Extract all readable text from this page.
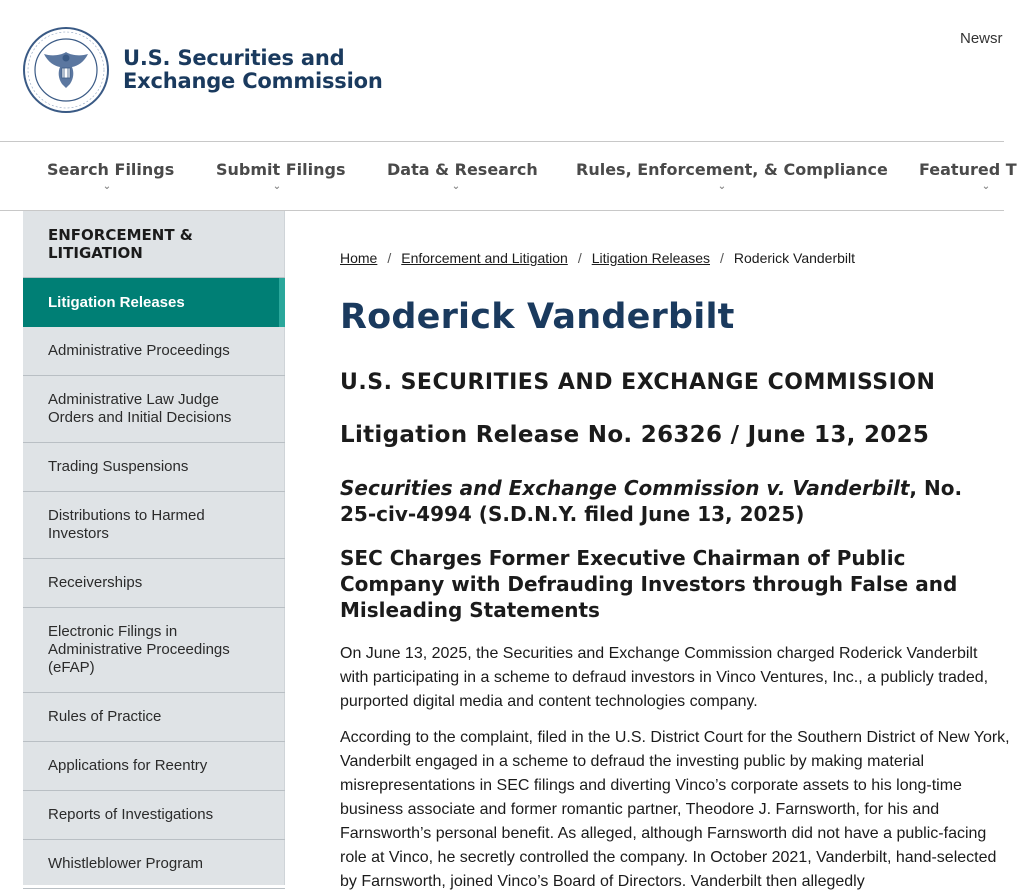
U.S. Securities and
Exchange Commission
Newsr
Search Filings
⌄
Submit Filings
⌄
Data & Research
⌄
Rules, Enforcement, & Compliance
⌄
Featured T
⌄
ENFORCEMENT & LITIGATION
Litigation Releases
Administrative Proceedings
Administrative Law Judge Orders and Initial Decisions
Trading Suspensions
Distributions to Harmed Investors
Receiverships
Electronic Filings in Administrative Proceedings (eFAP)
Rules of Practice
Applications for Reentry
Reports of Investigations
Whistleblower Program
Home / Enforcement and Litigation / Litigation Releases / Roderick Vanderbilt
Roderick Vanderbilt
U.S. SECURITIES AND EXCHANGE COMMISSION
Litigation Release No. 26326 / June 13, 2025
Securities and Exchange Commission v. Vanderbilt, No. 25-civ-4994 (S.D.N.Y. filed June 13, 2025)
SEC Charges Former Executive Chairman of Public Company with Defrauding Investors through False and Misleading Statements

On June 13, 2025, the Securities and Exchange Commission charged Roderick Vanderbilt with participating in a scheme to defraud investors in Vinco Ventures, Inc., a publicly traded, purported digital media and content technologies company.

According to the complaint, filed in the U.S. District Court for the Southern District of New York, Vanderbilt engaged in a scheme to defraud the investing public by making material misrepresentations in SEC filings and diverting Vinco’s corporate assets to his long-time business associate and former romantic partner, Theodore J. Farnsworth, for his and Farnsworth’s personal benefit. As alleged, although Farnsworth did not have a public-facing role at Vinco, he secretly controlled the company. In October 2021, Vanderbilt, hand-selected by Farnsworth, joined Vinco’s Board of Directors. Vanderbilt then allegedly
